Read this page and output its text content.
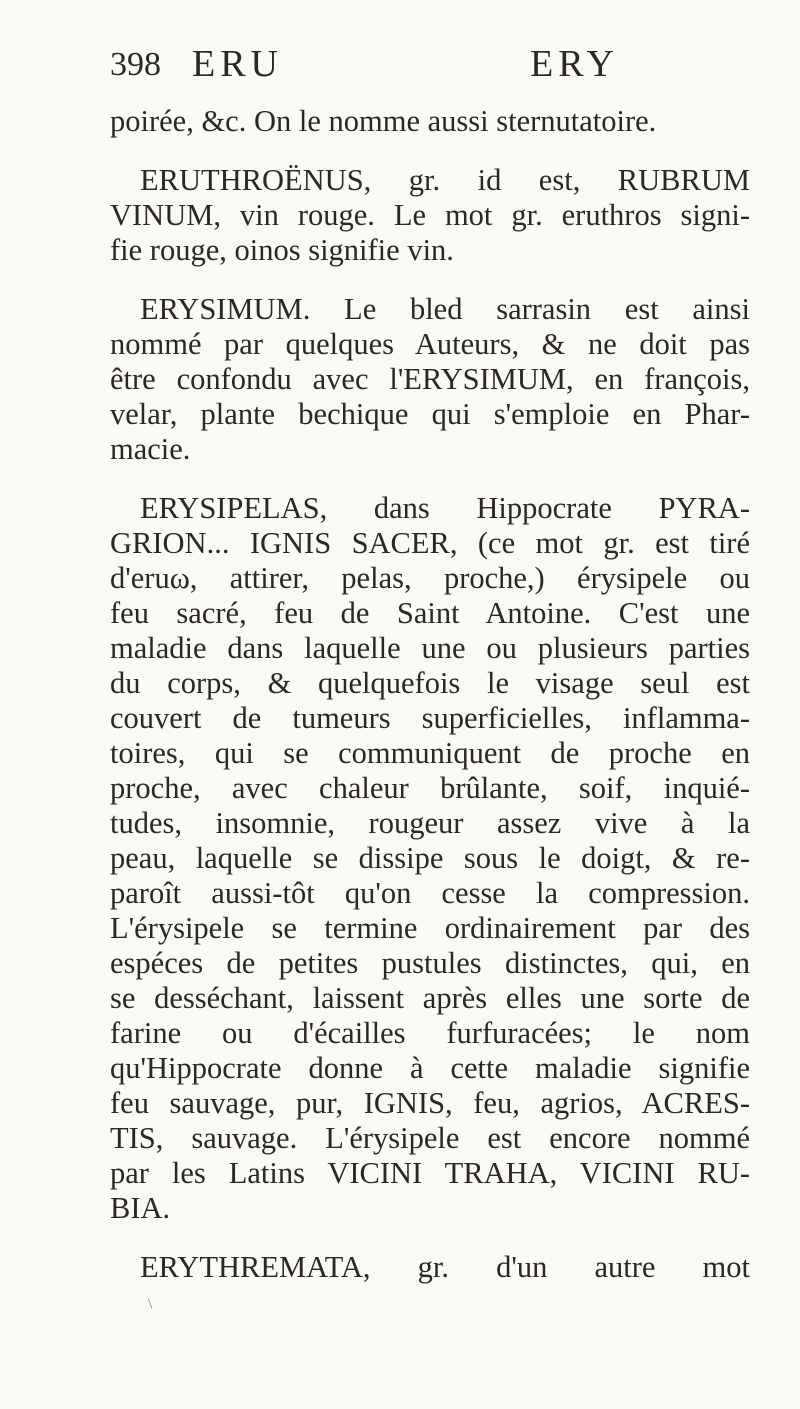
398 ERU	ERY
poirée, &c. On le nomme aussi sternutatoire.
ERUTHROËNUS, gr. id est, RUBRUM
VINUM, vin rouge. Le mot gr. eruthros signi-
fie rouge, oinos signifie vin.
ERYSIMUM. Le bled sarrasin est ainsi
nommé par quelques Auteurs, & ne doit pas
être confondu avec l'ERYSIMUM, en françois,
velar, plante bechique qui s'emploie en Phar-
macie.
ERYSIPELAS, dans Hippocrate PYRA-
GRION... IGNIS SACER, (ce mot gr. est tiré
d'eruω, attirer, pelas, proche,) érysipele ou
feu sacré, feu de Saint Antoine. C'est une
maladie dans laquelle une ou plusieurs parties
du corps, & quelquefois le visage seul est
couvert de tumeurs superficielles, inflamma-
toires, qui se communiquent de proche en
proche, avec chaleur brûlante, soif, inquié-
tudes, insomnie, rougeur assez vive à la
peau, laquelle se dissipe sous le doigt, & re-
paroît aussi-tôt qu'on cesse la compression.
L'érysipele se termine ordinairement par des
espéces de petites pustules distinctes, qui, en
se desséchant, laissent après elles une sorte de
farine ou d'écailles furfuracées; le nom
qu'Hippocrate donne à cette maladie signifie
feu sauvage, pur, IGNIS, feu, agrios, ACRES-
TIS, sauvage. L'érysipele est encore nommé
par les Latins VICINI TRAHA, VICINI RU-
BIA.
ERYTHREMATA, gr. d'un autre mot
\
